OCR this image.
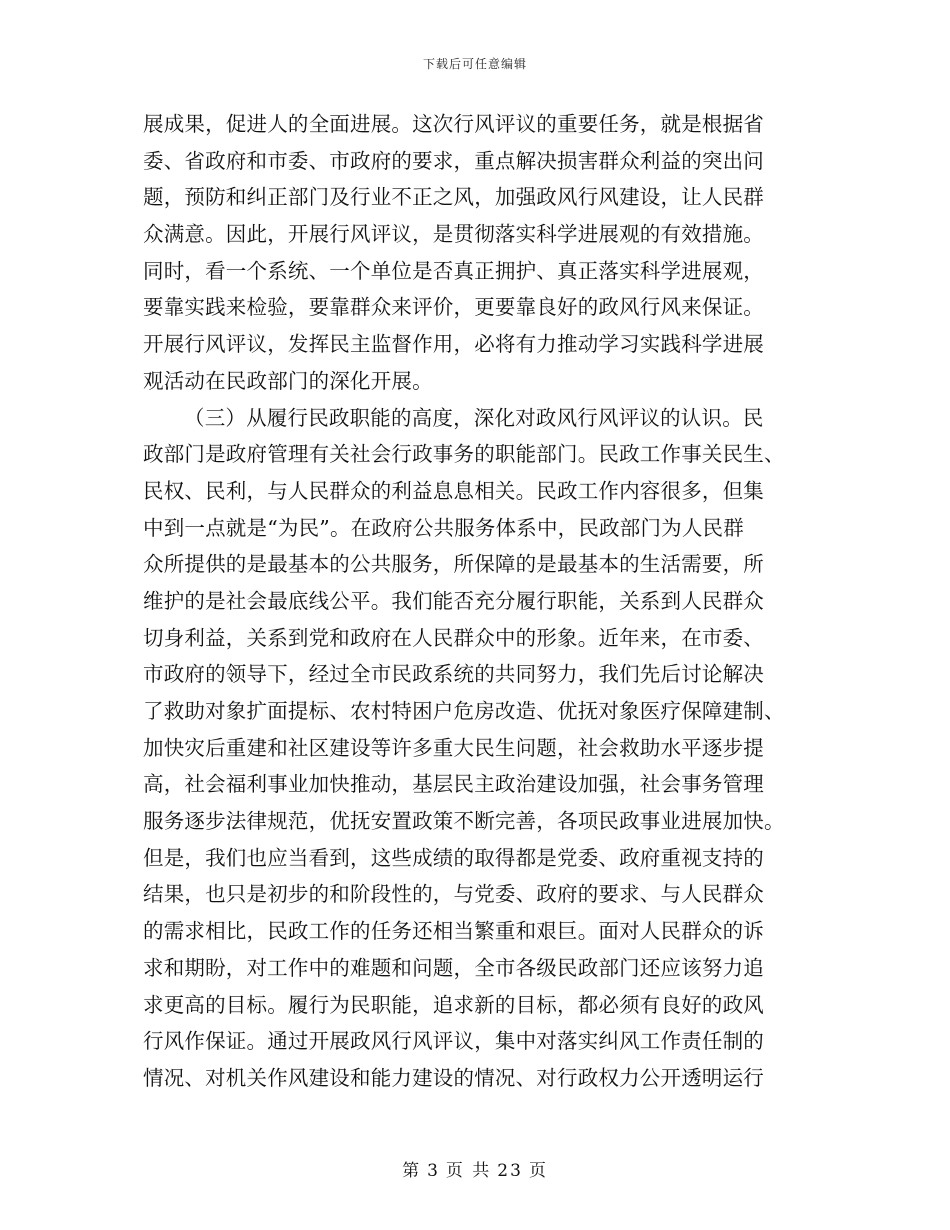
下载后可任意编辑
展成果，促进人的全面进展。这次行风评议的重要任务，就是根据省
委、省政府和市委、市政府的要求，重点解决损害群众利益的突出问
题，预防和纠正部门及行业不正之风，加强政风行风建设，让人民群
众满意。因此，开展行风评议，是贯彻落实科学进展观的有效措施。
同时，看一个系统、一个单位是否真正拥护、真正落实科学进展观，
要靠实践来检验，要靠群众来评价，更要靠良好的政风行风来保证。
开展行风评议，发挥民主监督作用，必将有力推动学习实践科学进展
观活动在民政部门的深化开展。
（三）从履行民政职能的高度，深化对政风行风评议的认识。民
政部门是政府管理有关社会行政事务的职能部门。民政工作事关民生、
民权、民利，与人民群众的利益息息相关。民政工作内容很多，但集
中到一点就是“为民”。在政府公共服务体系中，民政部门为人民群
众所提供的是最基本的公共服务，所保障的是最基本的生活需要，所
维护的是社会最底线公平。我们能否充分履行职能，关系到人民群众
切身利益，关系到党和政府在人民群众中的形象。近年来，在市委、
市政府的领导下，经过全市民政系统的共同努力，我们先后讨论解决
了救助对象扩面提标、农村特困户危房改造、优抚对象医疗保障建制、
加快灾后重建和社区建设等许多重大民生问题，社会救助水平逐步提
高，社会福利事业加快推动，基层民主政治建设加强，社会事务管理
服务逐步法律规范，优抚安置政策不断完善，各项民政事业进展加快。
但是，我们也应当看到，这些成绩的取得都是党委、政府重视支持的
结果，也只是初步的和阶段性的，与党委、政府的要求、与人民群众
的需求相比，民政工作的任务还相当繁重和艰巨。面对人民群众的诉
求和期盼，对工作中的难题和问题，全市各级民政部门还应该努力追
求更高的目标。履行为民职能，追求新的目标，都必须有良好的政风
行风作保证。通过开展政风行风评议，集中对落实纠风工作责任制的
情况、对机关作风建设和能力建设的情况、对行政权力公开透明运行
第 3 页 共 23 页
